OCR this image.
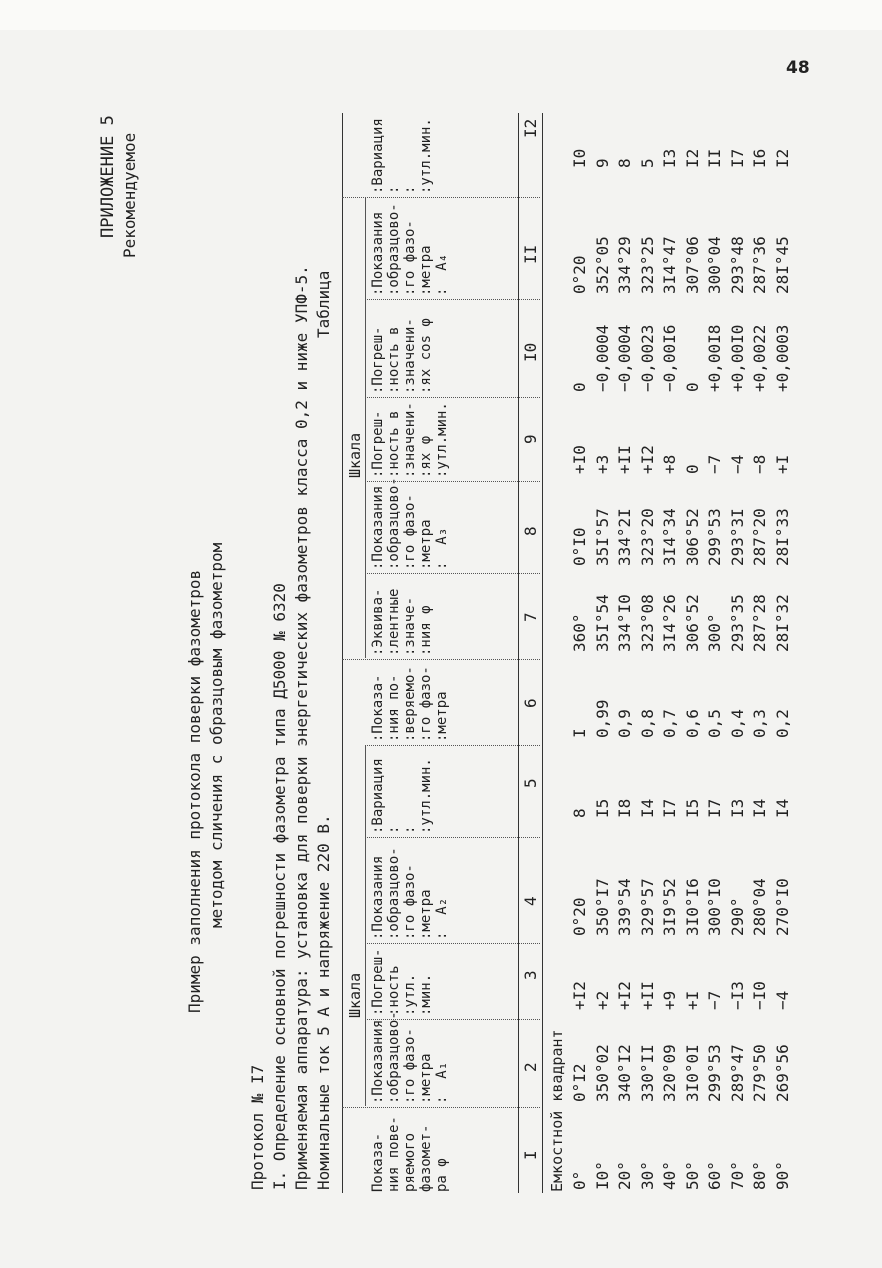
48
ПРИЛОЖЕНИЕ 5 Рекомендуемое
Пример заполнения протокола поверки фазометров методом сличения с образцовым фазометром
Протокол № I7 I. Определение основной погрешности фазометра типа Д5000 № 6320 Применяемая аппаратура: установка для поверки энергетических фазометров класса 0,2 и ниже УПФ-5. Номинальные ток 5 А и напряжение 220 В.
Таблица
Шкала
Шкала
Показа-
ния пове-
ряемого
фазомет-
ра φ
:Показания
:образцово-
:го фазо-
:метра
:  A₁
:Погреш-
:ность
:утл.
:мин.
:Показания
:образцово-
:го фазо-
:метра
:  A₂
:Вариация
:
:
:утл.мин.
:Показа-
:ния по-
:веряемо-
:го фазо-
:метра
:Эквива-
:лентные
:значе-
:ния φ
:Показания
:образцово-
:го фазо-
:метра
:  A₃
:Погреш-
:ность в
:значени-
:ях φ
:утл.мин.
:Погреш-
:ность в
:значени-
:ях cos φ
:Показания
:образцово-
:го фазо-
:метра
:  A₄
:Вариация
:
:
:утл.мин.
I
2
3
4
5
6
7
8
9
I0
II
I2
Емкостной квадрант 0°
0°I2
+I2
0°20
8
I
360°
0°I0
+I0
0
0°20
I0
I0°
350°02
+2
350°I7
I5
0,99
35I°54
35I°57
+3
−0,0004
352°05
9
20°
340°I2
+I2
339°54
I8
0,9
334°I0
334°2I
+II
−0,0004
334°29
8
30°
330°II
+II
329°57
I4
0,8
323°08
323°20
+I2
−0,0023
323°25
5
40°
320°09
+9
3I9°52
I7
0,7
3I4°26
3I4°34
+8
−0,00I6
3I4°47
I3
50°
3I0°0I
+I
3I0°I6
I5
0,6
306°52
306°52
0
0
307°06
I2
60°
299°53
−7
300°I0
I7
0,5
300°
299°53
−7
+0,00I8
300°04
II
70°
289°47
−I3
290°
I3
0,4
293°35
293°3I
−4
+0,00I0
293°48
I7
80°
279°50
−I0
280°04
I4
0,3
287°28
287°20
−8
+0,0022
287°36
I6
90°
269°56
−4
270°I0
I4
0,2
28I°32
28I°33
+I
+0,0003
28I°45
I2
